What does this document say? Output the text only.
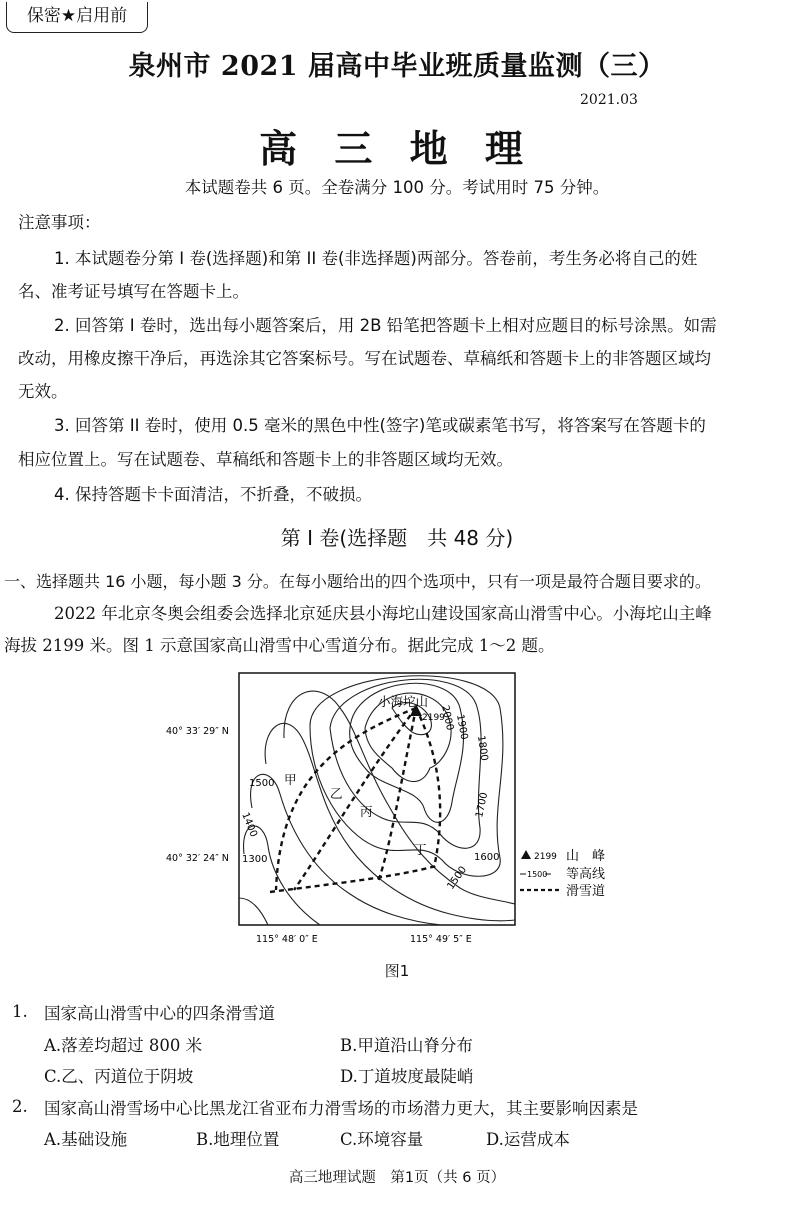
保密★启用前
泉州市 2021 届高中毕业班质量监测（三）
2021.03
高 三 地 理
本试题卷共 6 页。全卷满分 100 分。考试用时 75 分钟。
注意事项：
1. 本试题卷分第 I 卷(选择题)和第 II 卷(非选择题)两部分。答卷前，考生务必将自己的姓
名、准考证号填写在答题卡上。
2. 回答第 I 卷时，选出每小题答案后，用 2B 铅笔把答题卡上相对应题目的标号涂黑。如需
改动，用橡皮擦干净后，再选涂其它答案标号。写在试题卷、草稿纸和答题卡上的非答题区域均
无效。
3. 回答第 II 卷时，使用 0.5 毫米的黑色中性(签字)笔或碳素笔书写，将答案写在答题卡的
相应位置上。写在试题卷、草稿纸和答题卡上的非答题区域均无效。
4. 保持答题卡卡面清洁，不折叠，不破损。
第 I 卷(选择题　共 48 分)
一、选择题共 16 小题，每小题 3 分。在每小题给出的四个选项中，只有一项是最符合题目要求的。
2022 年北京冬奥会组委会选择北京延庆县小海坨山建设国家高山滑雪中心。小海坨山主峰
海拔 2199 米。图 1 示意国家高山滑雪中心雪道分布。据此完成 1～2 题。
小海坨山
2199
2000
1900
1800
1700
1600
1500
1500
1400
1300
甲
乙
丙
丁
40° 33′ 29″ N
40° 32′ 24″ N
115° 48′ 0″ E	115° 49′ 5″ E
2199 山　峰
1500 等高线
滑雪道
图1
1. 国家高山滑雪中心的四条滑雪道
A.落差均超过 800 米	B.甲道沿山脊分布
C.乙、丙道位于阴坡	D.丁道坡度最陡峭
2. 国家高山滑雪场中心比黑龙江省亚布力滑雪场的市场潜力更大，其主要影响因素是
A.基础设施	B.地理位置	C.环境容量	D.运营成本
高三地理试题　第1页（共 6 页）
